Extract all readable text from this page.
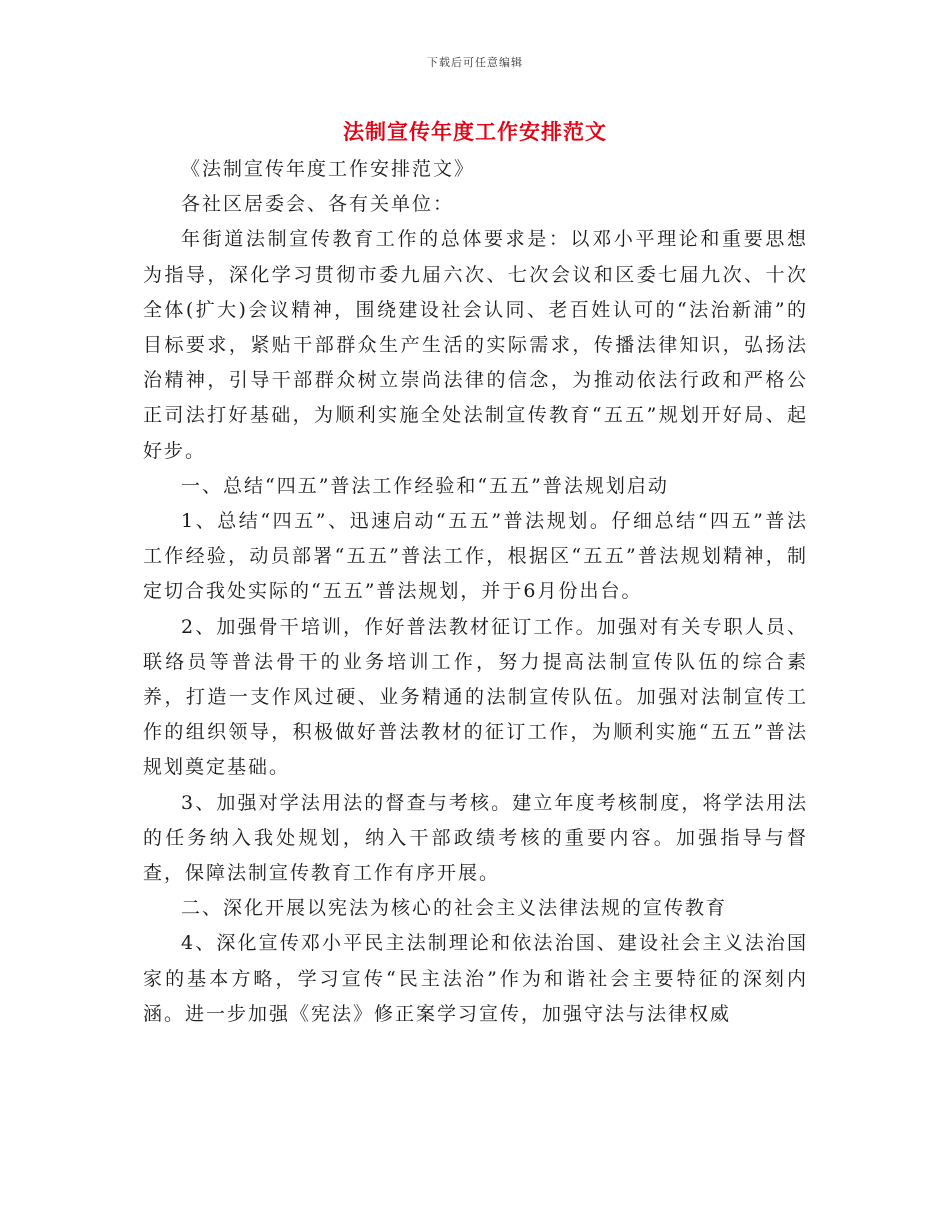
下载后可任意编辑
法制宣传年度工作安排范文

《法制宣传年度工作安排范文》

各社区居委会、各有关单位：

年街道法制宣传教育工作的总体要求是：以邓小平理论和重要思想为指导，深化学习贯彻市委九届六次、七次会议和区委七届九次、十次全体(扩大)会议精神，围绕建设社会认同、老百姓认可的“法治新浦”的目标要求，紧贴干部群众生产生活的实际需求，传播法律知识，弘扬法治精神，引导干部群众树立崇尚法律的信念，为推动依法行政和严格公正司法打好基础，为顺利实施全处法制宣传教育“五五”规划开好局、起好步。

一、总结“四五”普法工作经验和“五五”普法规划启动

1、总结“四五”、迅速启动“五五”普法规划。仔细总结“四五”普法工作经验，动员部署“五五”普法工作，根据区“五五”普法规划精神，制定切合我处实际的“五五”普法规划，并于6月份出台。

2、加强骨干培训，作好普法教材征订工作。加强对有关专职人员、联络员等普法骨干的业务培训工作，努力提高法制宣传队伍的综合素养，打造一支作风过硬、业务精通的法制宣传队伍。加强对法制宣传工作的组织领导，积极做好普法教材的征订工作，为顺利实施“五五”普法规划奠定基础。

3、加强对学法用法的督查与考核。建立年度考核制度，将学法用法的任务纳入我处规划，纳入干部政绩考核的重要内容。加强指导与督查，保障法制宣传教育工作有序开展。

二、深化开展以宪法为核心的社会主义法律法规的宣传教育

4、深化宣传邓小平民主法制理论和依法治国、建设社会主义法治国家的基本方略，学习宣传“民主法治”作为和谐社会主要特征的深刻内涵。进一步加强《宪法》修正案学习宣传，加强守法与法律权威
